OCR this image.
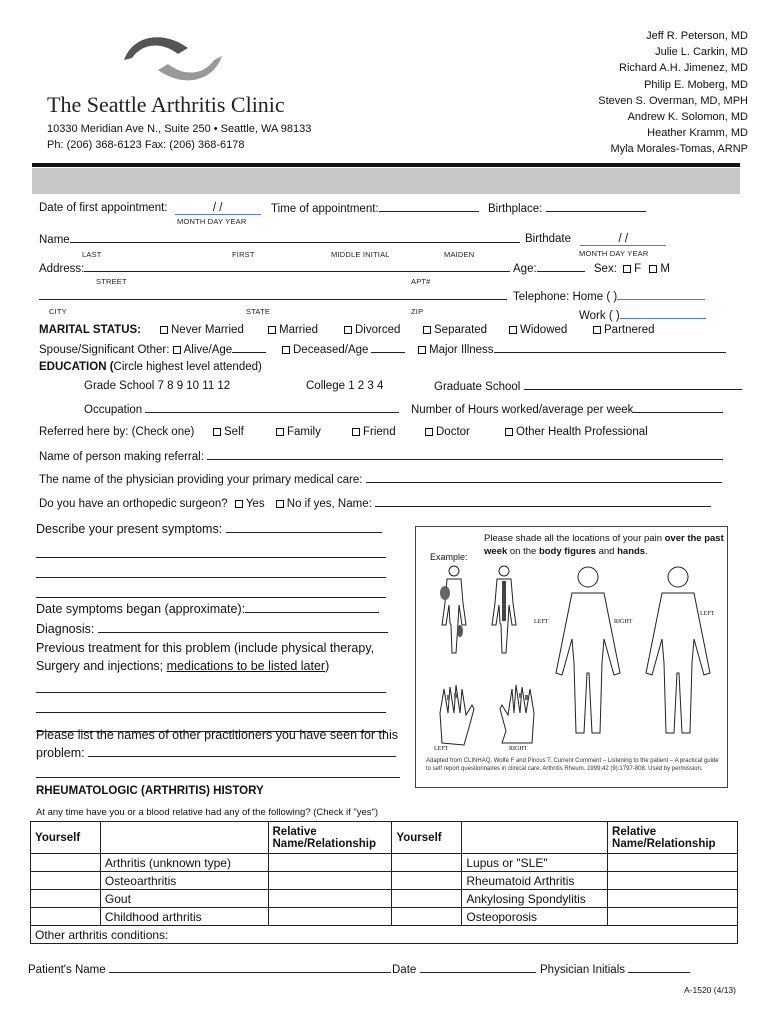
The Seattle Arthritis Clinic
10330 Meridian Ave N., Suite 250 • Seattle, WA 98133
Ph: (206) 368-6123 Fax: (206) 368-6178
Jeff R. Peterson, MD
Julie L. Carkin, MD
Richard A.H. Jimenez, MD
Philip E. Moberg, MD
Steven S. Overman, MD, MPH
Andrew K. Solomon, MD
Heather Kramm, MD
Myla Morales-Tomas, ARNP
Date of first appointment:	/ /
MONTH DAY YEAR
Time of appointment:	Birthplace:
Name	Birthdate	/ /
LAST	FIRST	MIDDLE INITIAL	MAIDEN	MONTH DAY YEAR
Address:	Age:	Sex: F M
STREET	APT#
Telephone: Home ( )
CITY	STATE	ZIP	Work ( )
MARITAL STATUS:	Never Married	Married	Divorced	Separated	Widowed	Partnered
Spouse/Significant Other: Alive/Age	Deceased/Age	Major Illness
EDUCATION (Circle highest level attended)
Grade School 7 8 9 10 11 12	College 1 2 3 4	Graduate School
Occupation	Number of Hours worked/average per week
Referred here by: (Check one)	Self	Family	Friend	Doctor	Other Health Professional
Name of person making referral:
The name of the physician providing your primary medical care:
Do you have an orthopedic surgeon? Yes No if yes, Name:
Describe your present symptoms:
Date symptoms began (approximate):
Diagnosis:
Previous treatment for this problem (include physical therapy,
Surgery and injections; medications to be listed later)
Please list the names of other practitioners you have seen for this
problem:
Please shade all the locations of your pain over the past week on the body figures and hands.
Example:
LEFT	RIGHT
LEFT
LEFT	RIGHT
Adapted from CLINHAQ, Wolfe F and Pincus T. Current Comment – Listening to the patient – A practical guide to self report questionnaires in clinical care. Arthritis Rheum. 1999;42 (9):1797-808. Used by permission.
RHEUMATOLOGIC (ARTHRITIS) HISTORY
At any time have you or a blood relative had any of the following? (Check if "yes")
Yourself		Relative Name/Relationship	Yourself		Relative Name/Relationship
	Arthritis (unknown type)			Lupus or "SLE"	
	Osteoarthritis			Rheumatoid Arthritis	
	Gout			Ankylosing Spondylitis	
	Childhood arthritis			Osteoporosis	
Other arthritis conditions:					
Patient's Name	Date	Physician Initials
A-1520 (4/13)
